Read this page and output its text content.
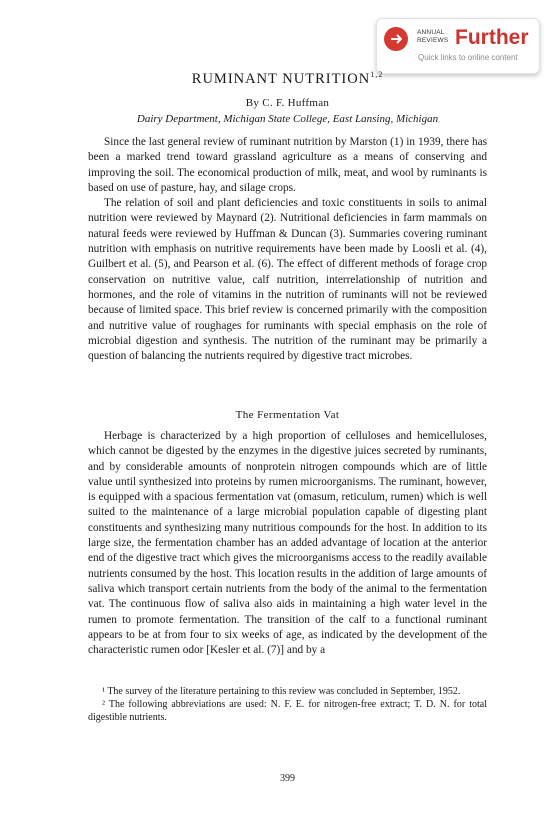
ANNUAL
REVIEWS Further
Quick links to online content
RUMINANT NUTRITION$^{1,2}$
By C. F. Huffman
Dairy Department, Michigan State College, East Lansing, Michigan

Since the last general review of ruminant nutrition by Marston (1) in 1939, there has been a marked trend toward grassland agriculture as a means of conserving and improving the soil. The economical production of milk, meat, and wool by ruminants is based on use of pasture, hay, and silage crops.

The relation of soil and plant deficiencies and toxic constituents in soils to animal nutrition were reviewed by Maynard (2). Nutritional deficiencies in farm mammals on natural feeds were reviewed by Huffman & Duncan (3). Summaries covering ruminant nutrition with emphasis on nutritive requirements have been made by Loosli et al. (4), Guilbert et al. (5), and Pearson et al. (6). The effect of different methods of forage crop conservation on nutritive value, calf nutrition, interrelationship of nutrition and hormones, and the role of vitamins in the nutrition of ruminants will not be reviewed because of limited space. This brief review is concerned primarily with the composition and nutritive value of roughages for ruminants with special emphasis on the role of microbial digestion and synthesis. The nutrition of the ruminant may be primarily a question of balancing the nutrients required by digestive tract microbes.

The Fermentation Vat

Herbage is characterized by a high proportion of celluloses and hemicelluloses, which cannot be digested by the enzymes in the digestive juices secreted by ruminants, and by considerable amounts of nonprotein nitrogen compounds which are of little value until synthesized into proteins by rumen microorganisms. The ruminant, however, is equipped with a spacious fermentation vat (omasum, reticulum, rumen) which is well suited to the maintenance of a large microbial population capable of digesting plant constituents and synthesizing many nutritious compounds for the host. In addition to its large size, the fermentation chamber has an added advantage of location at the anterior end of the digestive tract which gives the microorganisms access to the readily available nutrients consumed by the host. This location results in the addition of large amounts of saliva which transport certain nutrients from the body of the animal to the fermentation vat. The continuous flow of saliva also aids in maintaining a high water level in the rumen to promote fermentation. The transition of the calf to a functional ruminant appears to be at from four to six weeks of age, as indicated by the development of the characteristic rumen odor [Kesler et al. (7)] and by a

¹ The survey of the literature pertaining to this review was concluded in September, 1952.

² The following abbreviations are used: N. F. E. for nitrogen-free extract; T. D. N. for total digestible nutrients.

399
